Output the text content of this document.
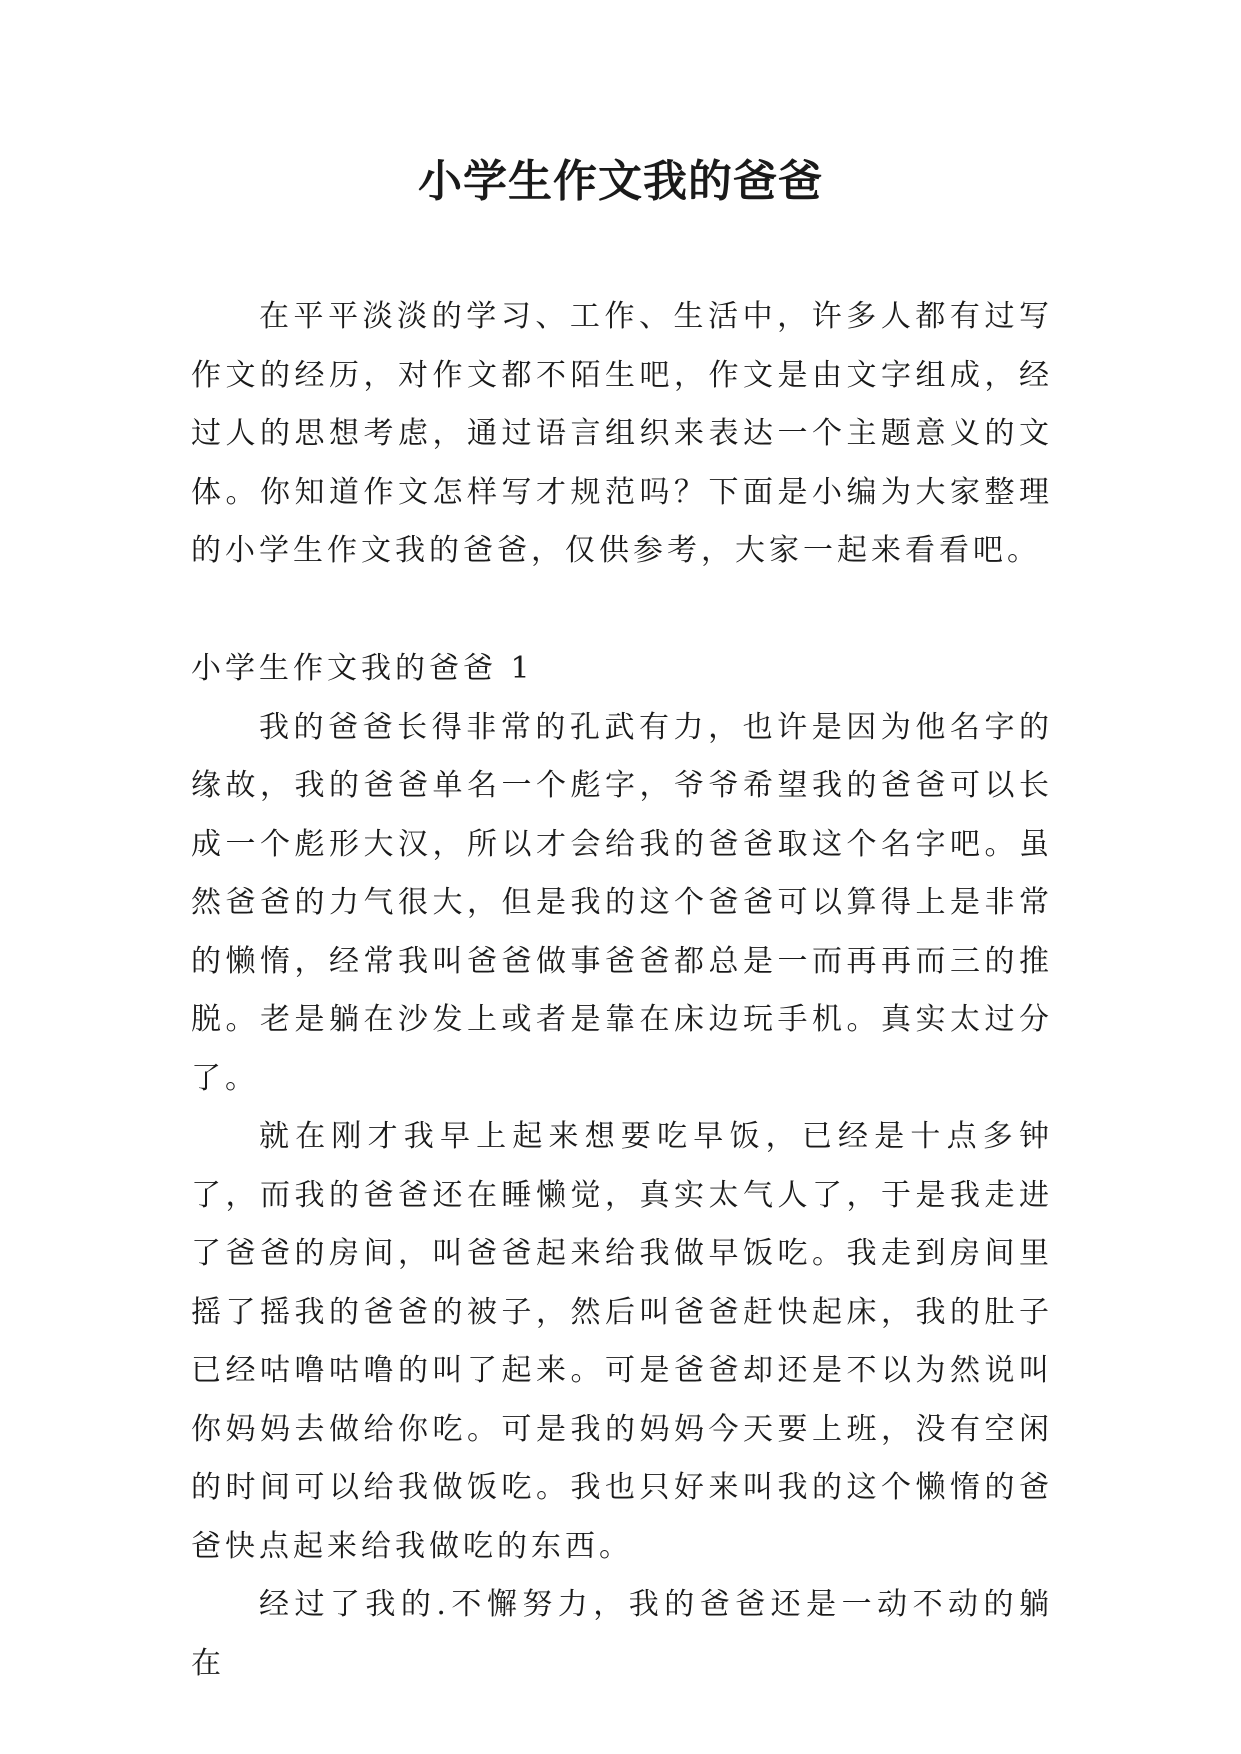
小学生作文我的爸爸

在平平淡淡的学习、工作、生活中，许多人都有过写作文的经历，对作文都不陌生吧，作文是由文字组成，经过人的思想考虑，通过语言组织来表达一个主题意义的文体。你知道作文怎样写才规范吗？下面是小编为大家整理的小学生作文我的爸爸，仅供参考，大家一起来看看吧。

小学生作文我的爸爸 1

我的爸爸长得非常的孔武有力，也许是因为他名字的缘故，我的爸爸单名一个彪字，爷爷希望我的爸爸可以长成一个彪形大汉，所以才会给我的爸爸取这个名字吧。虽然爸爸的力气很大，但是我的这个爸爸可以算得上是非常的懒惰，经常我叫爸爸做事爸爸都总是一而再再而三的推脱。老是躺在沙发上或者是靠在床边玩手机。真实太过分了。

就在刚才我早上起来想要吃早饭，已经是十点多钟了，而我的爸爸还在睡懒觉，真实太气人了，于是我走进了爸爸的房间，叫爸爸起来给我做早饭吃。我走到房间里摇了摇我的爸爸的被子，然后叫爸爸赶快起床，我的肚子已经咕噜咕噜的叫了起来。可是爸爸却还是不以为然说叫你妈妈去做给你吃。可是我的妈妈今天要上班，没有空闲的时间可以给我做饭吃。我也只好来叫我的这个懒惰的爸爸快点起来给我做吃的东西。

经过了我的.不懈努力，我的爸爸还是一动不动的躺在
